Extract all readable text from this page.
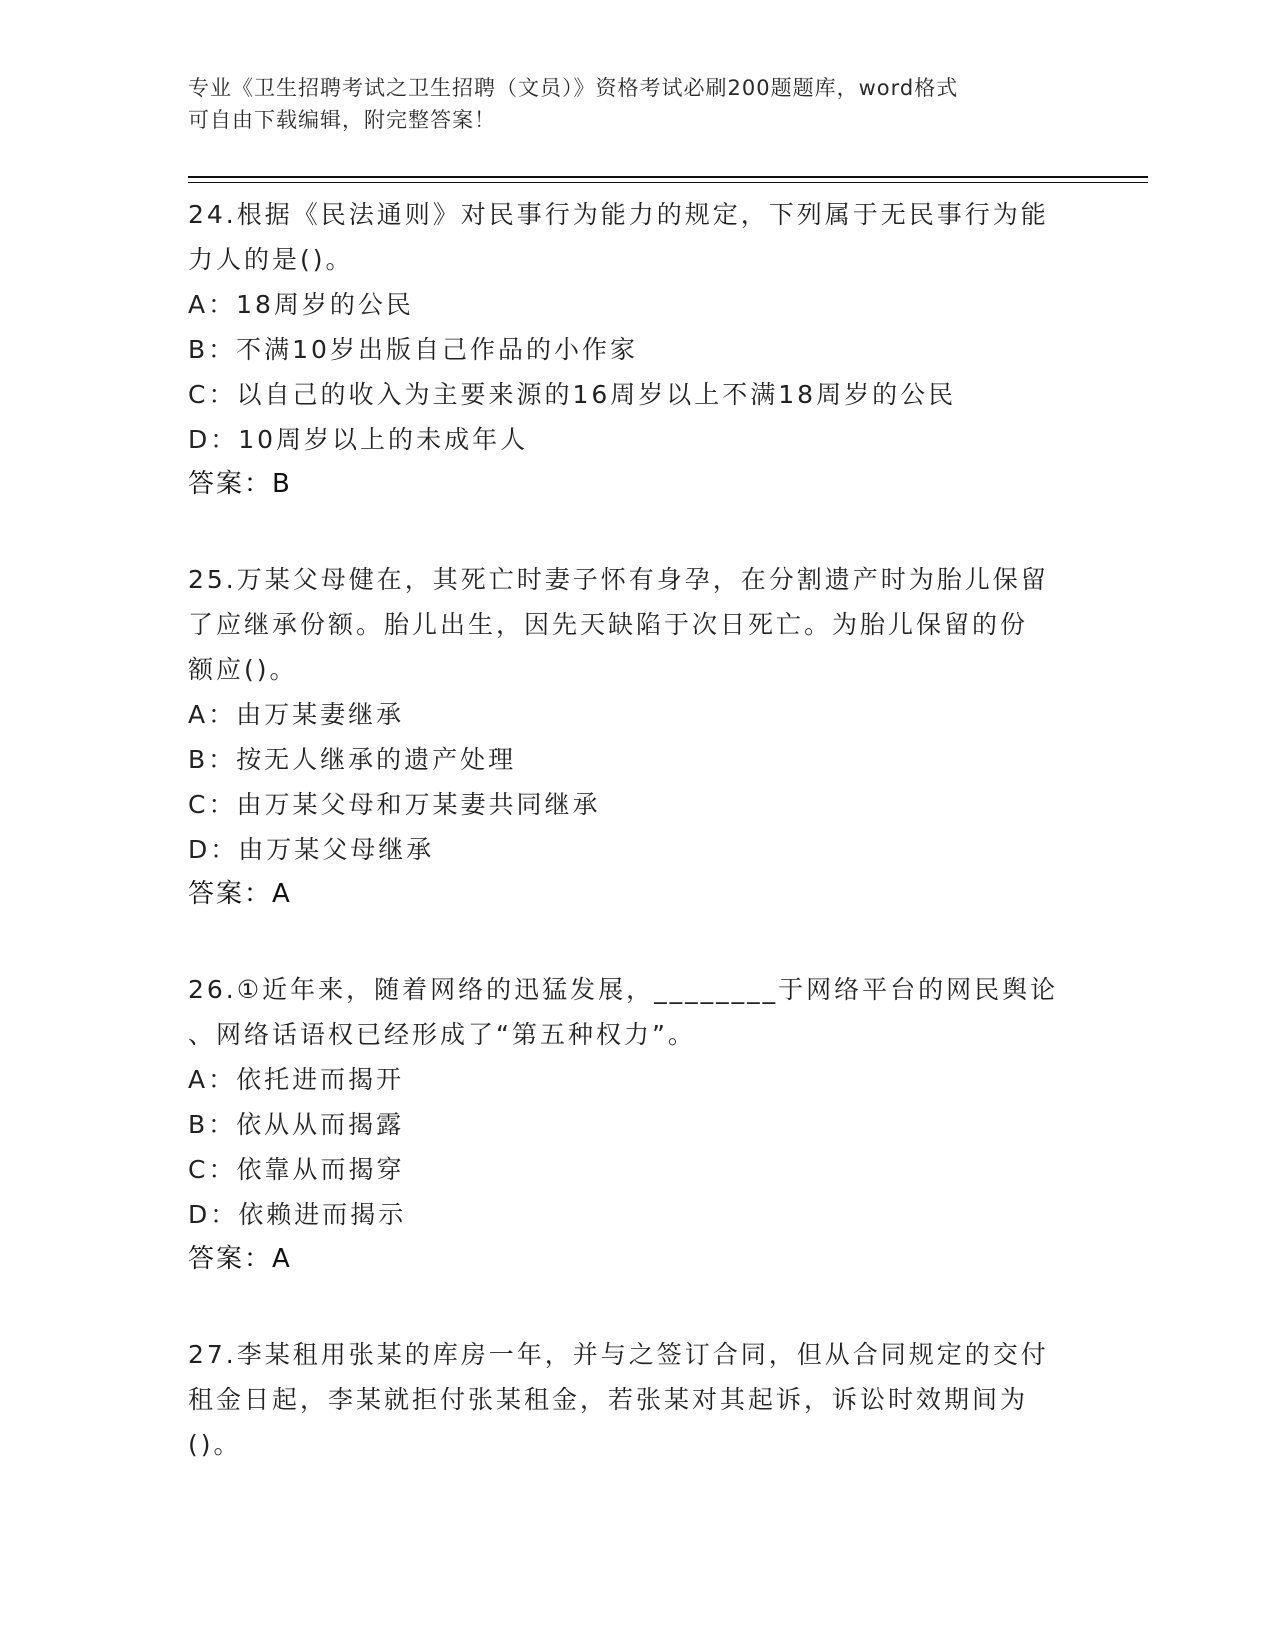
专业《卫生招聘考试之卫生招聘（文员）》资格考试必刷200题题库，word格式
可自由下载编辑，附完整答案！
24.根据《民法通则》对民事行为能力的规定，下列属于无民事行为能
力人的是()。
A：18周岁的公民
B：不满10岁出版自己作品的小作家
C：以自己的收入为主要来源的16周岁以上不满18周岁的公民
D：10周岁以上的未成年人
答案：B
25.万某父母健在，其死亡时妻子怀有身孕，在分割遗产时为胎儿保留
了应继承份额。胎儿出生，因先天缺陷于次日死亡。为胎儿保留的份
额应()。
A：由万某妻继承
B：按无人继承的遗产处理
C：由万某父母和万某妻共同继承
D：由万某父母继承
答案：A
26.①近年来，随着网络的迅猛发展，________于网络平台的网民舆论
、网络话语权已经形成了“第五种权力”。
A：依托进而揭开
B：依从从而揭露
C：依靠从而揭穿
D：依赖进而揭示
答案：A
27.李某租用张某的库房一年，并与之签订合同，但从合同规定的交付
租金日起，李某就拒付张某租金，若张某对其起诉，诉讼时效期间为
()。
